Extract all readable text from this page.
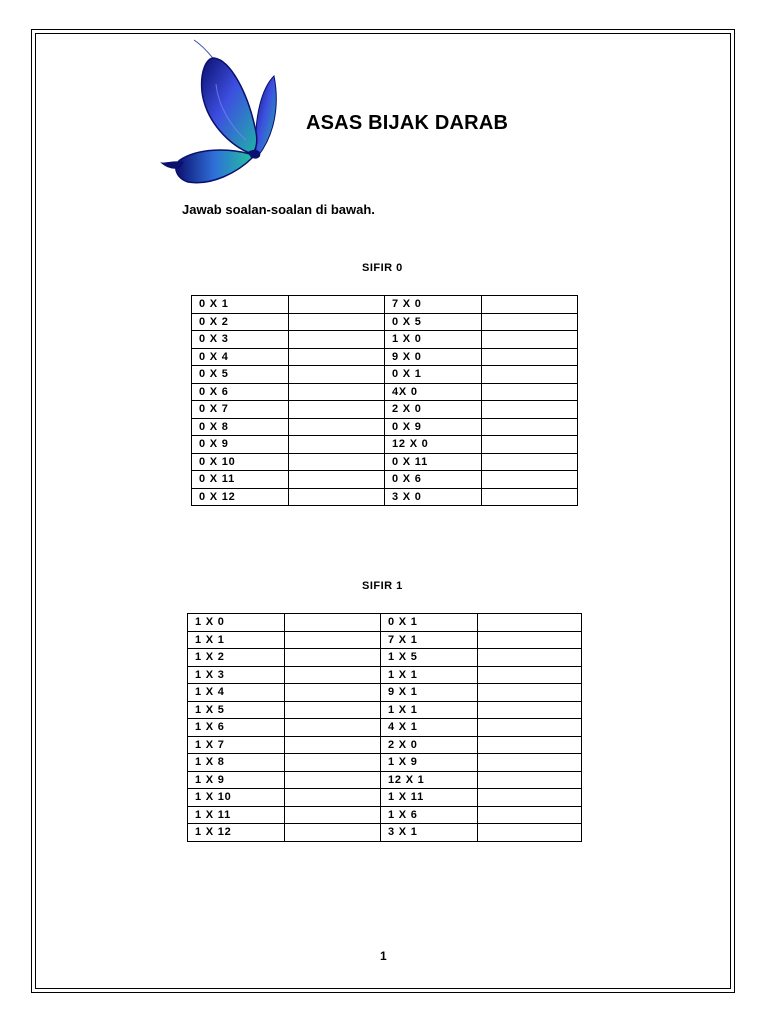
ASAS BIJAK DARAB
Jawab soalan-soalan di bawah.
SIFIR 0
0 X 1		7 X 0	
0 X 2		0 X 5	
0 X 3		1 X 0	
0 X 4		9 X 0	
0 X 5		0 X 1	
0 X 6		4X 0	
0 X 7		2 X 0	
0 X 8		0 X 9	
0 X 9		12 X 0	
0 X 10		0 X 11	
0 X 11		0 X 6	
0 X 12		3 X 0	
SIFIR 1
1 X 0		0 X 1	
1 X 1		7 X 1	
1 X 2		1 X 5	
1 X 3		1 X 1	
1 X 4		9 X 1	
1 X 5		1 X 1	
1 X 6		4 X 1	
1 X 7		2 X 0	
1 X 8		1 X 9	
1 X 9		12 X 1	
1 X 10		1 X 11	
1 X 11		1 X 6	
1 X 12		3 X 1	
1
